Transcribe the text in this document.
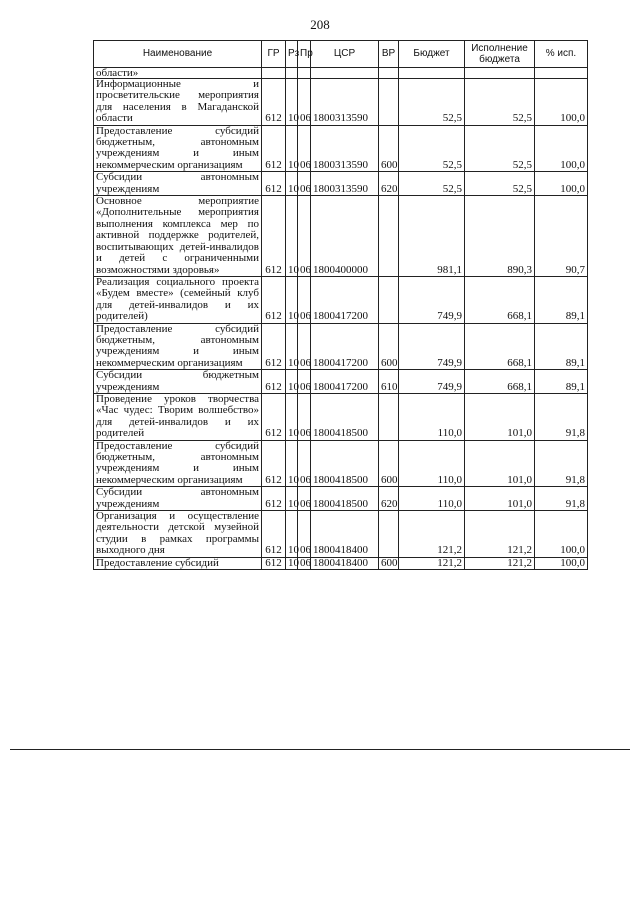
208
Наименование	ГР	Рз	Пр	ЦСР	ВР	Бюджет	Исполнение бюджета	% исп.
области»								
Информационные и просветительские мероприятия для населения в Магаданской области	612	10	06	1800313590		52,5	52,5	100,0
Предоставление субсидий бюджетным, автономным учреждениям и иным некоммерческим организациям	612	10	06	1800313590	600	52,5	52,5	100,0
Субсидии автономным учреждениям	612	10	06	1800313590	620	52,5	52,5	100,0
Основное мероприятие «Дополнительные мероприятия выполнения комплекса мер по активной поддержке родителей, воспитывающих детей-инвалидов и детей с ограниченными возможностями здоровья»	612	10	06	1800400000		981,1	890,3	90,7
Реализация социального проекта «Будем вместе» (семейный клуб для детей-инвалидов и их родителей)	612	10	06	1800417200		749,9	668,1	89,1
Предоставление субсидий бюджетным, автономным учреждениям и иным некоммерческим организациям	612	10	06	1800417200	600	749,9	668,1	89,1
Субсидии бюджетным учреждениям	612	10	06	1800417200	610	749,9	668,1	89,1
Проведение уроков творчества «Час чудес: Творим волшебство» для детей-инвалидов и их родителей	612	10	06	1800418500		110,0	101,0	91,8
Предоставление субсидий бюджетным, автономным учреждениям и иным некоммерческим организациям	612	10	06	1800418500	600	110,0	101,0	91,8
Субсидии автономным учреждениям	612	10	06	1800418500	620	110,0	101,0	91,8
Организация и осуществление деятельности детской музейной студии в рамках программы выходного дня	612	10	06	1800418400		121,2	121,2	100,0
Предоставление субсидий	612	10	06	1800418400	600	121,2	121,2	100,0
